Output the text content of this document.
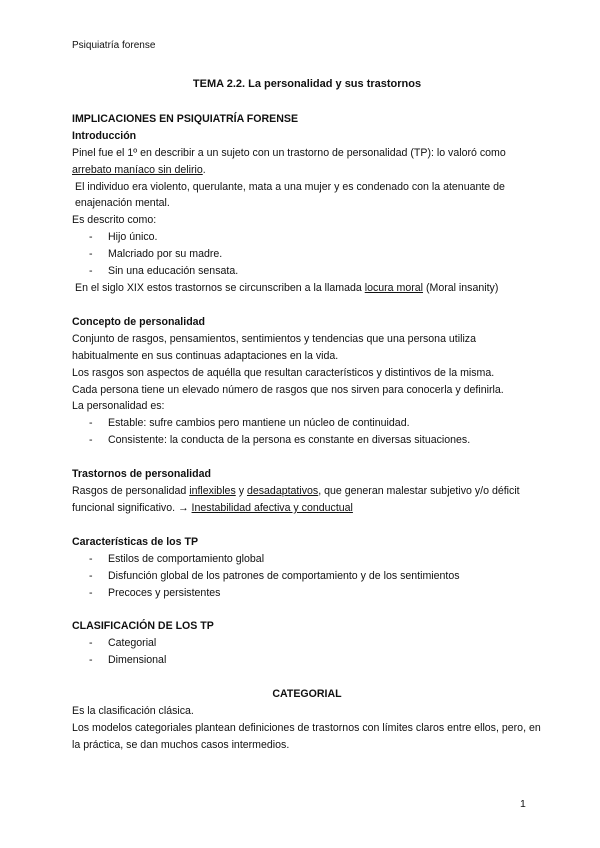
Psiquiatría forense

TEMA 2.2. La personalidad y sus trastornos

IMPLICACIONES EN PSIQUIATRÍA FORENSE

Introducción

Pinel fue el 1º en describir a un sujeto con un trastorno de personalidad (TP): lo valoró como arrebato maníaco sin delirio.

El individuo era violento, querulante, mata a una mujer y es condenado con la atenuante de enajenación mental.

Es descrito como:

- Hijo único.
- Malcriado por su madre.
- Sin una educación sensata.

En el siglo XIX estos trastornos se circunscriben a la llamada locura moral (Moral insanity)

Concepto de personalidad

Conjunto de rasgos, pensamientos, sentimientos y tendencias que una persona utiliza habitualmente en sus continuas adaptaciones en la vida.

Los rasgos son aspectos de aquélla que resultan característicos y distintivos de la misma.

Cada persona tiene un elevado número de rasgos que nos sirven para conocerla y definirla.

La personalidad es:

- Estable: sufre cambios pero mantiene un núcleo de continuidad.
- Consistente: la conducta de la persona es constante en diversas situaciones.

Trastornos de personalidad

Rasgos de personalidad inflexibles y desadaptativos, que generan malestar subjetivo y/o déficit funcional significativo. → Inestabilidad afectiva y conductual

Características de los TP

- Estilos de comportamiento global
- Disfunción global de los patrones de comportamiento y de los sentimientos
- Precoces y persistentes

CLASIFICACIÓN DE LOS TP

- Categorial
- Dimensional

CATEGORIAL

Es la clasificación clásica.

Los modelos categoriales plantean definiciones de trastornos con límites claros entre ellos, pero, en la práctica, se dan muchos casos intermedios.

1
